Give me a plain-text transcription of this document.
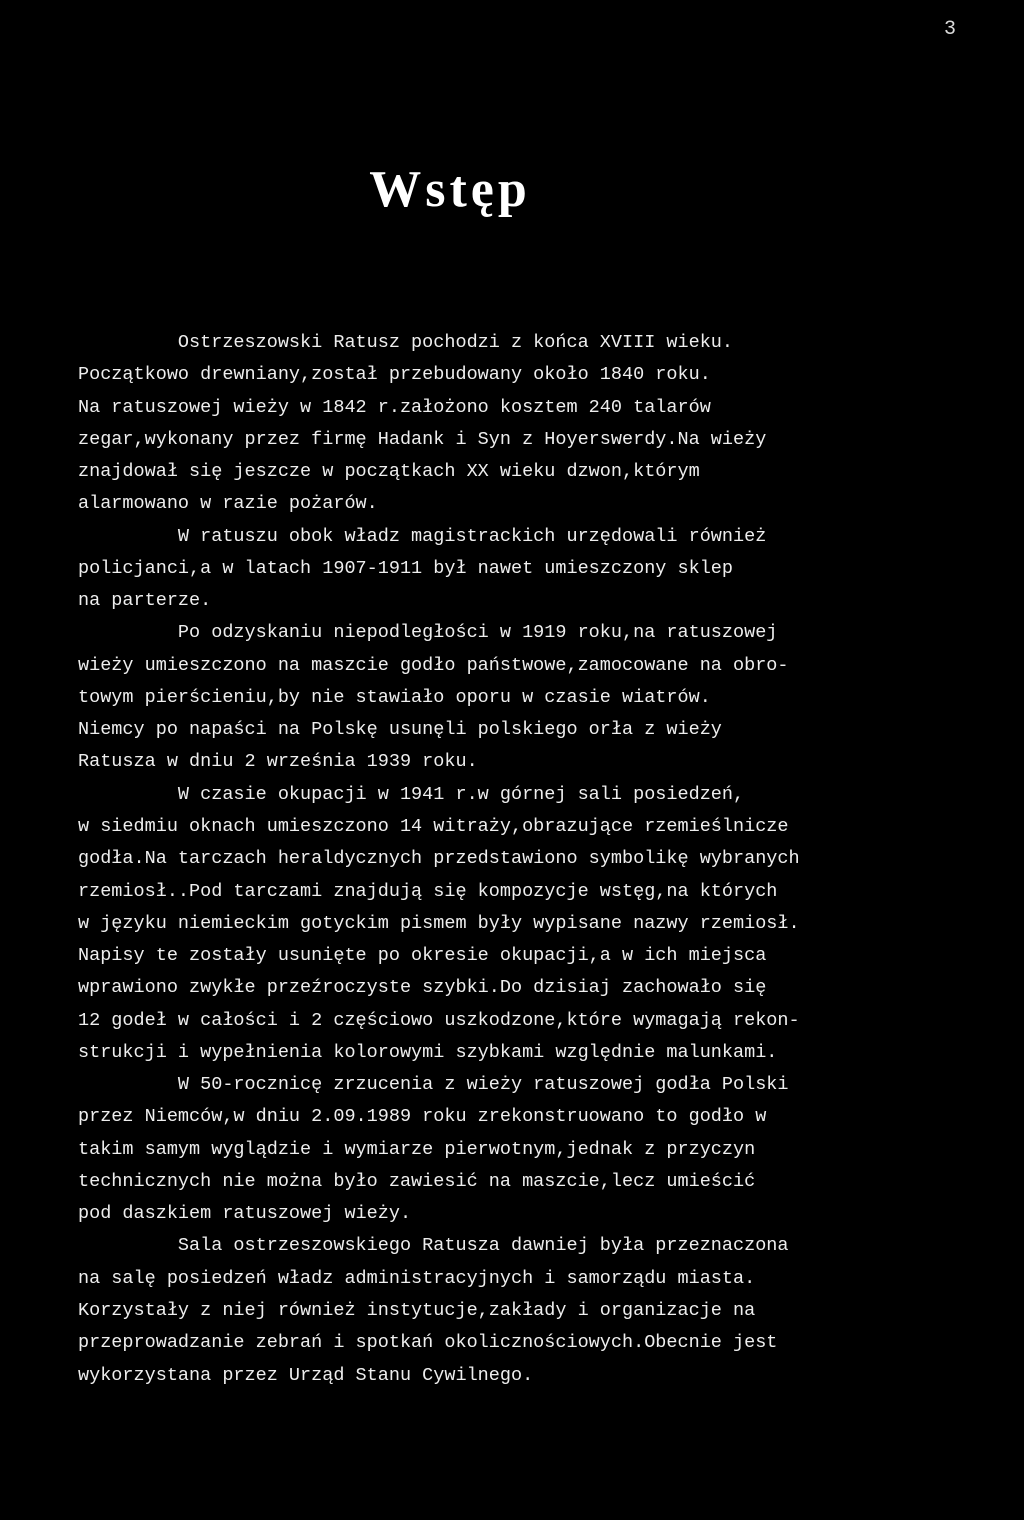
3
Wstęp
Ostrzeszowski Ratusz pochodzi z końca XVIII wieku.
Początkowo drewniany,został przebudowany około 1840 roku.
Na ratuszowej wieży w 1842 r.założono kosztem 240 talarów
zegar,wykonany przez firmę Hadank i Syn z Hoyerswerdy.Na wieży
znajdował się jeszcze w początkach XX wieku dzwon,którym
alarmowano w razie pożarów.
W ratuszu obok władz magistrackich urzędowali również
policjanci,a w latach 1907-1911 był nawet umieszczony sklep
na parterze.
Po odzyskaniu niepodległości w 1919 roku,na ratuszowej
wieży umieszczono na maszcie godło państwowe,zamocowane na obro-
towym pierścieniu,by nie stawiało oporu w czasie wiatrów.
Niemcy po napaści na Polskę usunęli polskiego orła z wieży
Ratusza w dniu 2 września 1939 roku.
W czasie okupacji w 1941 r.w górnej sali posiedzeń,
w siedmiu oknach umieszczono 14 witraży,obrazujące rzemieślnicze
godła.Na tarczach heraldycznych przedstawiono symbolikę wybranych
rzemiosł..Pod tarczami znajdują się kompozycje wstęg,na których
w języku niemieckim gotyckim pismem były wypisane nazwy rzemiosł.
Napisy te zostały usunięte po okresie okupacji,a w ich miejsca
wprawiono zwykłe przeźroczyste szybki.Do dzisiaj zachowało się
12 godeł w całości i 2 częściowo uszkodzone,które wymagają rekon-
strukcji i wypełnienia kolorowymi szybkami względnie malunkami.
W 50-rocznicę zrzucenia z wieży ratuszowej godła Polski
przez Niemców,w dniu 2.09.1989 roku zrekonstruowano to godło w
takim samym wyglądzie i wymiarze pierwotnym,jednak z przyczyn
technicznych nie można było zawiesić na maszcie,lecz umieścić
pod daszkiem ratuszowej wieży.
Sala ostrzeszowskiego Ratusza dawniej była przeznaczona
na salę posiedzeń władz administracyjnych i samorządu miasta.
Korzystały z niej również instytucje,zakłady i organizacje na
przeprowadzanie zebrań i spotkań okolicznościowych.Obecnie jest
wykorzystana przez Urząd Stanu Cywilnego.
